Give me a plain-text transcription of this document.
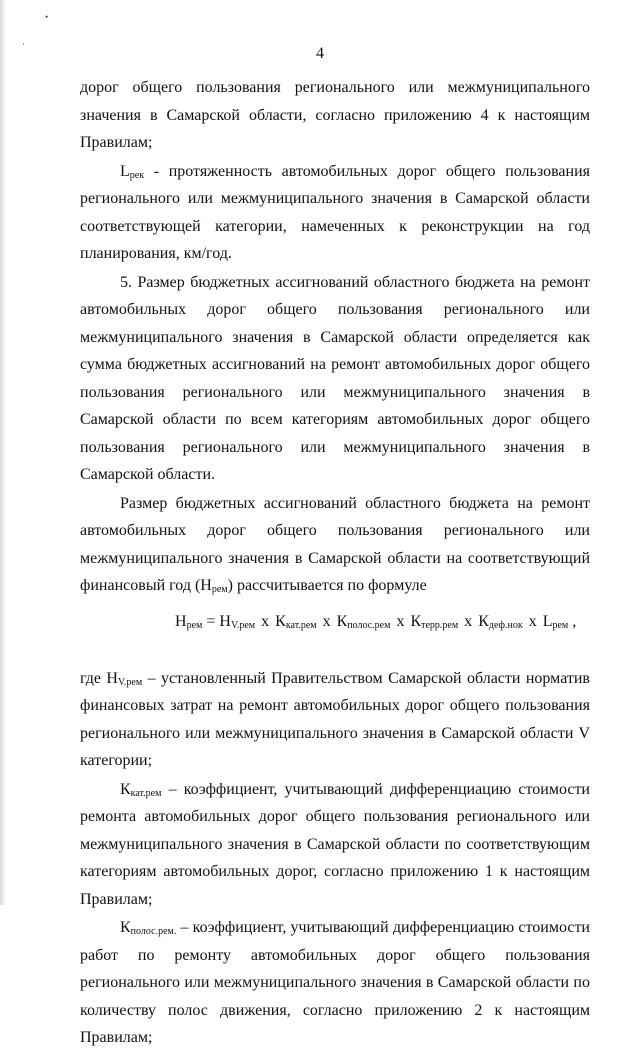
•
·
4

дорог общего пользования регионального или межмуниципального значения в Самарской области, согласно приложению 4 к настоящим Правилам;

$L_{рек}$ - протяженность автомобильных дорог общего пользования регионального или межмуниципального значения в Самарской области соответствующей категории, намеченных к реконструкции на год планирования, км/год.

5. Размер бюджетных ассигнований областного бюджета на ремонт автомобильных дорог общего пользования регионального или межмуниципального значения в Самарской области определяется как сумма бюджетных ассигнований на ремонт автомобильных дорог общего пользования регионального или межмуниципального значения в Самарской области по всем категориям автомобильных дорог общего пользования регионального или межмуниципального значения в Самарской области.

Размер бюджетных ассигнований областного бюджета на ремонт автомобильных дорог общего пользования регионального или межмуниципального значения в Самарской области на соответствующий финансовый год $(Н_{рем})$ рассчитывается по формуле

$Н_{рем} = Н_{V.рем}$ х $К_{кат.рем}$ х $К_{полос.рем}$ х $К_{терр.рем}$ х $К_{деф.нок}$ х $L_{рем}$ ,

где $Н_{V.рем}$ – установленный Правительством Самарской области норматив финансовых затрат на ремонт автомобильных дорог общего пользования регионального или межмуниципального значения в Самарской области V категории;

$К_{кат.рем}$ – коэффициент, учитывающий дифференциацию стоимости ремонта автомобильных дорог общего пользования регионального или межмуниципального значения в Самарской области по соответствующим категориям автомобильных дорог, согласно приложению 1 к настоящим Правилам;

$К_{полос.рем.}$ – коэффициент, учитывающий дифференциацию стоимости работ по ремонту автомобильных дорог общего пользования регионального или межмуниципального значения в Самарской области по количеству полос движения, согласно приложению 2 к настоящим Правилам;
